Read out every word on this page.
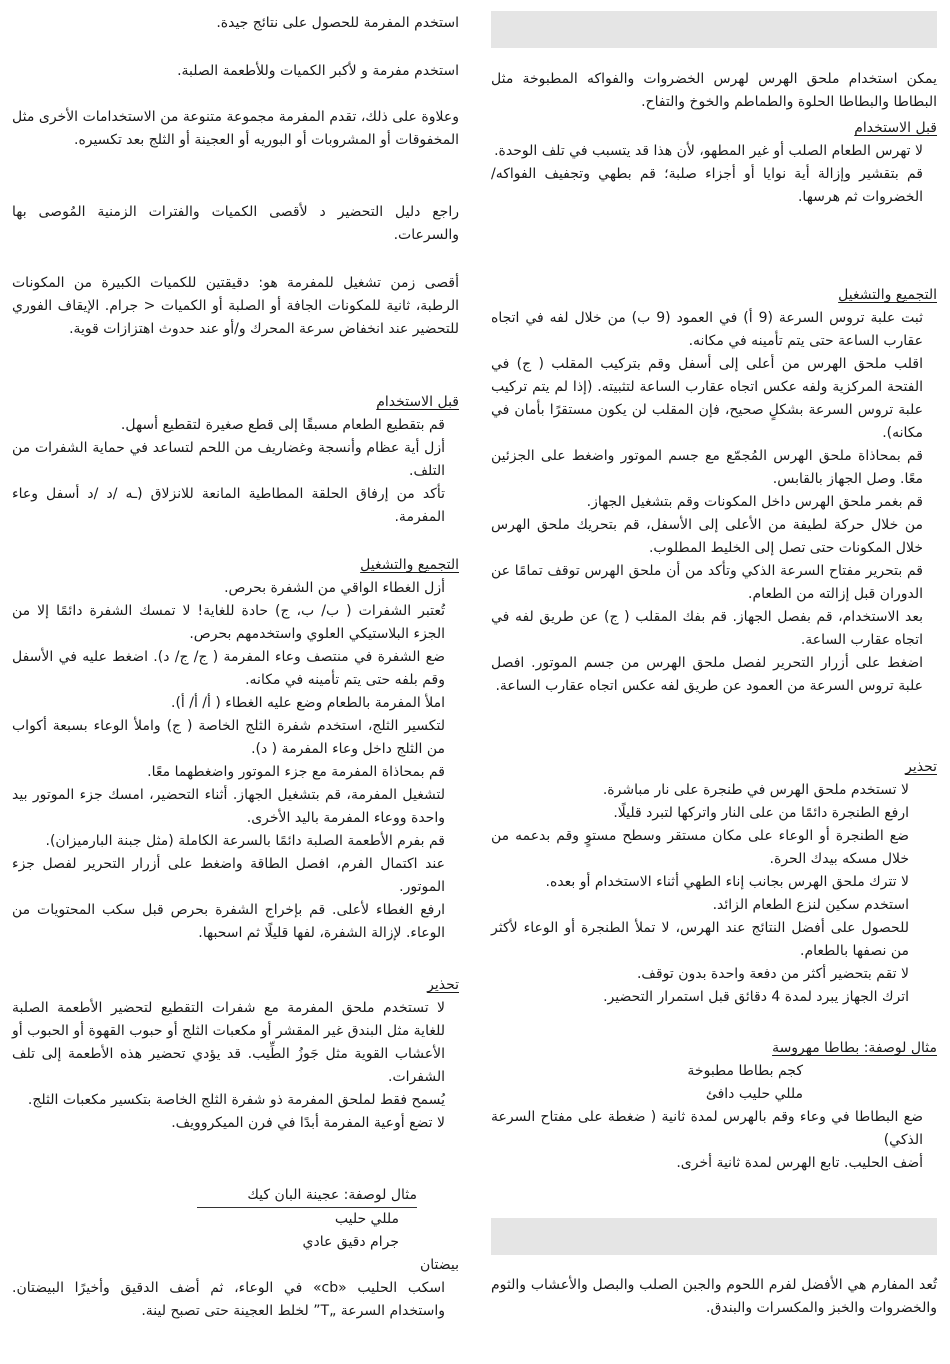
يمكن استخدام ملحق الهرس لهرس الخضروات والفواكه المطبوخة مثل البطاطا والبطاطا الحلوة والطماطم والخوخ والتفاح.

قبل الاستخدام

لا تهرس الطعام الصلب أو غير المطهو، لأن هذا قد يتسبب في تلف الوحدة.
قم بتقشير وإزالة أية نوايا أو أجزاء صلبة؛ قم بطهي وتجفيف الفواكه/الخضروات ثم هرسها.

التجميع والتشغيل

ثبت علبة تروس السرعة (9 أ) في العمود (9 ب) من خلال لفه في اتجاه عقارب الساعة حتى يتم تأمينه في مكانه.
اقلب ملحق الهرس من أعلى إلى أسفل وقم بتركيب المقلب ( ج) في الفتحة المركزية ولفه عكس اتجاه عقارب الساعة لتثبيته. (إذا لم يتم تركيب علبة تروس السرعة بشكلٍ صحيح، فإن المقلب لن يكون مستقرًا بأمان في مكانه).
قم بمحاذاة ملحق الهرس المُجمّع مع جسم الموتور واضغط على الجزئين معًا. وصل الجهاز بالقابس.
قم بغمر ملحق الهرس داخل المكونات وقم بتشغيل الجهاز.
من خلال حركة لطيفة من الأعلى إلى الأسفل، قم بتحريك ملحق الهرس خلال المكونات حتى تصل إلى الخليط المطلوب.
قم بتحرير مفتاح السرعة الذكي وتأكد من أن ملحق الهرس توقف تمامًا عن الدوران قبل إزالته من الطعام.
بعد الاستخدام، قم بفصل الجهاز. قم بفك المقلب ( ج) عن طريق لفه في اتجاه عقارب الساعة.
اضغط على أزرار التحرير لفصل ملحق الهرس من جسم الموتور. افصل علبة تروس السرعة من العمود عن طريق لفه عكس اتجاه عقارب الساعة.

تحذير

لا تستخدم ملحق الهرس في طنجرة على نار مباشرة.
ارفع الطنجرة دائمًا من على النار واتركها لتبرد قليلًا.
ضع الطنجرة أو الوعاء على مكان مستقر وسطح مستوٍ وقم بدعمه من خلال مسكه بيدك الحرة.
لا تترك ملحق الهرس بجانب إناء الطهي أثناء الاستخدام أو بعده.
استخدم سكين لنزع الطعام الزائد.
للحصول على أفضل النتائج عند الهرس، لا تملأ الطنجرة أو الوعاء لأكثر من نصفها بالطعام.
لا تقم بتحضير أكثر من دفعة واحدة بدون توقف.
اترك الجهاز يبرد لمدة 4 دقائق قبل استمرار التحضير.

مثال لوصفة: بطاطا مهروسة

كجم بطاطا مطبوخة
مللي حليب دافئ
ضع البطاطا في وعاء وقم بالهرس لمدة ثانية ( ضغطة على مفتاح السرعة الذكي)
أضف الحليب. تابع الهرس لمدة ثانية أخرى.

تُعد المفارم هي الأفضل لفرم اللحوم والجبن الصلب والبصل والأعشاب والثوم والخضروات والخبز والمكسرات والبندق.

استخدم المفرمة للحصول على نتائج جيدة.

استخدم مفرمة و لأكبر الكميات وللأطعمة الصلبة.

وعلاوة على ذلك، تقدم المفرمة مجموعة متنوعة من الاستخدامات الأخرى مثل المخفوقات أو المشروبات أو البوريه أو العجينة أو الثلج بعد تكسيره.

راجع دليل التحضير د لأقصى الكميات والفترات الزمنية المُوصى بها والسرعات.

أقصى زمن تشغيل للمفرمة هو: دقيقتين للكميات الكبيرة من المكونات الرطبة، ثانية للمكونات الجافة أو الصلبة أو الكميات < جرام. الإيقاف الفوري للتحضير عند انخفاض سرعة المحرك و/أو عند حدوث اهتزازات قوية.

قبل الاستخدام

قم بتقطيع الطعام مسبقًا إلى قطع صغيرة لتقطيع أسهل.
أزل أية عظام وأنسجة وغضاريف من اللحم لتساعد في حماية الشفرات من التلف.
تأكد من إرفاق الحلقة المطاطية المانعة للانزلاق (ـه /د /د أسفل وعاء المفرمة.

التجميع والتشغيل

أزل الغطاء الواقي من الشفرة بحرص.
تُعتبر الشفرات ( ب/ ب، ج) حادة للغاية! لا تمسك الشفرة دائمًا إلا من الجزء البلاستيكي العلوي واستخدمهم بحرص.
ضع الشفرة في منتصف وعاء المفرمة ( ج/ ج/ د). اضغط عليه في الأسفل وقم بلفه حتى يتم تأمينه في مكانه.
املأ المفرمة بالطعام وضع عليه الغطاء ( أ/ أ/ أ).
لتكسير الثلج، استخدم شفرة الثلج الخاصة ( ج) واملأ الوعاء بسبعة أكواب من الثلج داخل وعاء المفرمة ( د).
قم بمحاذاة المفرمة مع جزء الموتور واضغطهما معًا.
لتشغيل المفرمة، قم بتشغيل الجهاز. أثناء التحضير، امسك جزء الموتور بيد واحدة ووعاء المفرمة باليد الأخرى.
قم بفرم الأطعمة الصلبة دائمًا بالسرعة الكاملة (مثل جبنة البارميزان).
عند اكتمال الفرم، افصل الطاقة واضغط على أزرار التحرير لفصل جزء الموتور.
ارفع الغطاء لأعلى. قم بإخراج الشفرة بحرص قبل سكب المحتويات من الوعاء. لإزالة الشفرة، لفها قليلًا ثم اسحبها.

تحذير

لا تستخدم ملحق المفرمة مع شفرات التقطيع لتحضير الأطعمة الصلبة للغاية مثل البندق غير المقشر أو مكعبات الثلج أو حبوب القهوة أو الحبوب أو الأعشاب القوية مثل جَوزُ الطِّيب. قد يؤدي تحضير هذه الأطعمة إلى تلف الشفرات.
يُسمح فقط لملحق المفرمة ذو شفرة الثلج الخاصة بتكسير مكعبات الثلج.
لا تضع أوعية المفرمة أبدًا في فرن الميكروويف.

مثال لوصفة: عجينة البان كيك

مللي حليب
جرام دقيق عادي
بيضتان

اسكب الحليب «cb» في الوعاء، ثم أضف الدقيق وأخيرًا البيضتان. واستخدام السرعة „T” لخلط العجينة حتى تصبح لينة.
